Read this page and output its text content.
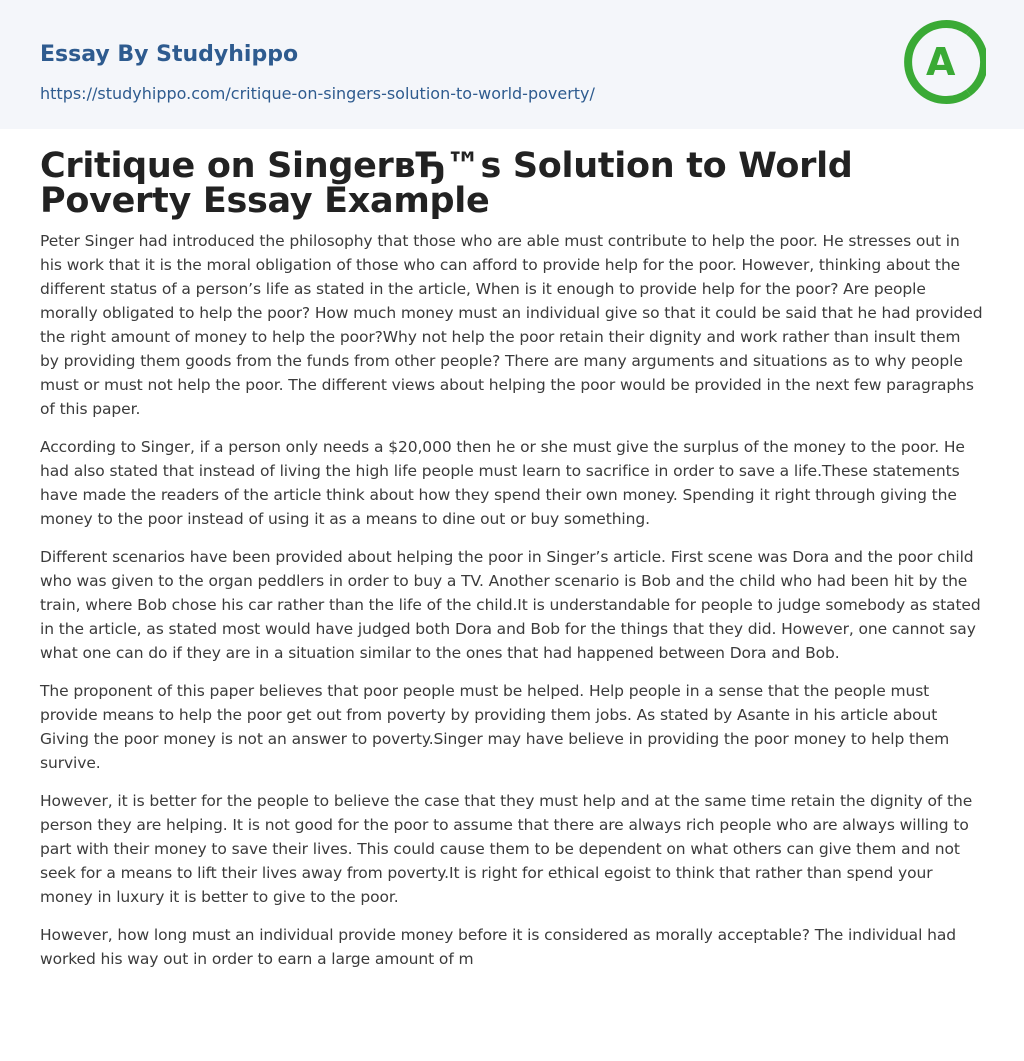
Essay By Studyhippo
https://studyhippo.com/critique-on-singers-solution-to-world-poverty/
A
Critique on SingerвЂ™s Solution to World Poverty Essay Example

Peter Singer had introduced the philosophy that those who are able must contribute to help the poor. He stresses out in his work that it is the moral obligation of those who can afford to provide help for the poor. However, thinking about the different status of a person’s life as stated in the article, When is it enough to provide help for the poor? Are people morally obligated to help the poor? How much money must an individual give so that it could be said that he had provided the right amount of money to help the poor?Why not help the poor retain their dignity and work rather than insult them by providing them goods from the funds from other people? There are many arguments and situations as to why people must or must not help the poor. The different views about helping the poor would be provided in the next few paragraphs of this paper.

According to Singer, if a person only needs a $20,000 then he or she must give the surplus of the money to the poor. He had also stated that instead of living the high life people must learn to sacrifice in order to save a life.These statements have made the readers of the article think about how they spend their own money. Spending it right through giving the money to the poor instead of using it as a means to dine out or buy something.

Different scenarios have been provided about helping the poor in Singer’s article. First scene was Dora and the poor child who was given to the organ peddlers in order to buy a TV. Another scenario is Bob and the child who had been hit by the train, where Bob chose his car rather than the life of the child.It is understandable for people to judge somebody as stated in the article, as stated most would have judged both Dora and Bob for the things that they did. However, one cannot say what one can do if they are in a situation similar to the ones that had happened between Dora and Bob.

The proponent of this paper believes that poor people must be helped. Help people in a sense that the people must provide means to help the poor get out from poverty by providing them jobs. As stated by Asante in his article about Giving the poor money is not an answer to poverty.Singer may have believe in providing the poor money to help them survive.

However, it is better for the people to believe the case that they must help and at the same time retain the dignity of the person they are helping. It is not good for the poor to assume that there are always rich people who are always willing to part with their money to save their lives. This could cause them to be dependent on what others can give them and not seek for a means to lift their lives away from poverty.It is right for ethical egoist to think that rather than spend your money in luxury it is better to give to the poor.

However, how long must an individual provide money before it is considered as morally acceptable? The individual had worked his way out in order to earn a large amount of m
